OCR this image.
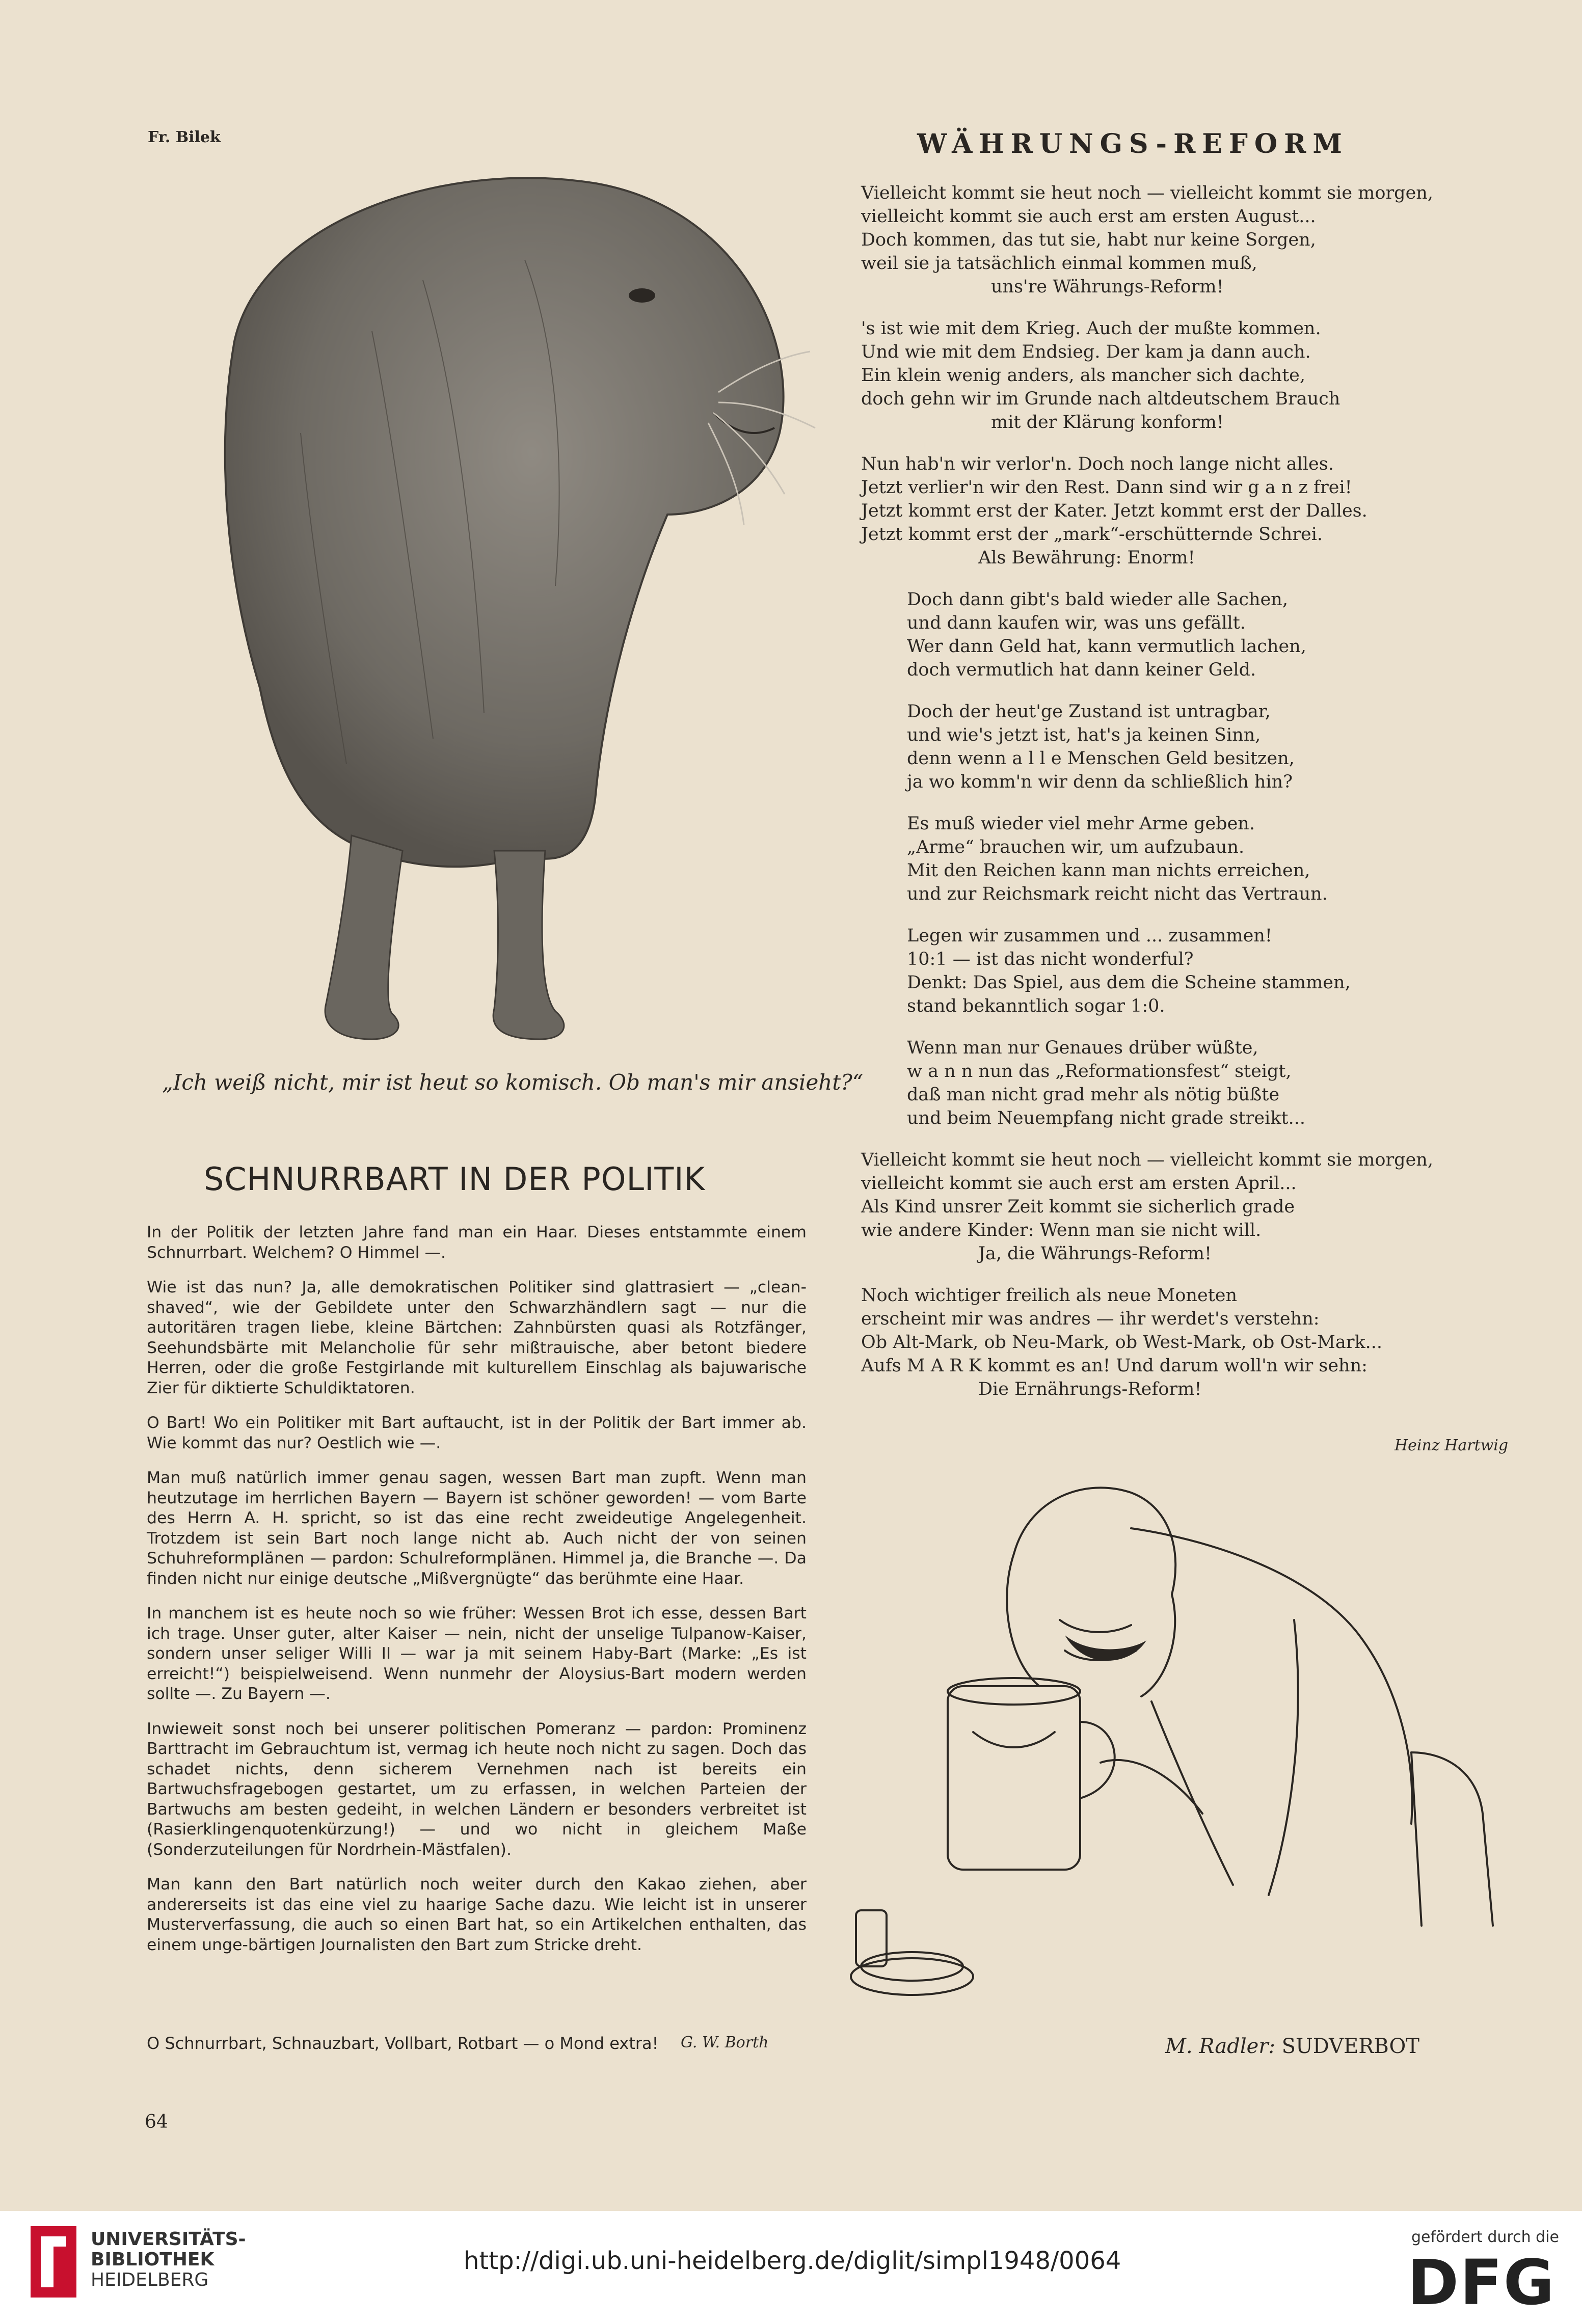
Fr. Bilek
„Ich weiß nicht, mir ist heut so komisch. Ob man's mir ansieht?“
SCHNURRBART IN DER POLITIK

In der Politik der letzten Jahre fand man ein Haar. Dieses entstammte einem Schnurrbart. Welchem? O Himmel —.

Wie ist das nun? Ja, alle demokratischen Politiker sind glattrasiert — „clean-shaved“, wie der Gebildete unter den Schwarzhändlern sagt — nur die autoritären tragen liebe, kleine Bärtchen: Zahnbürsten quasi als Rotzfänger, Seehundsbärte mit Melancholie für sehr mißtrauische, aber betont biedere Herren, oder die große Festgirlande mit kulturellem Einschlag als bajuwarische Zier für diktierte Schuldiktatoren.

O Bart! Wo ein Politiker mit Bart auftaucht, ist in der Politik der Bart immer ab. Wie kommt das nur? Oestlich wie —.

Man muß natürlich immer genau sagen, wessen Bart man zupft. Wenn man heutzutage im herrlichen Bayern — Bayern ist schöner geworden! — vom Barte des Herrn A. H. spricht, so ist das eine recht zweideutige Angelegenheit. Trotzdem ist sein Bart noch lange nicht ab. Auch nicht der von seinen Schuhreformplänen — pardon: Schulreformplänen. Himmel ja, die Branche —. Da finden nicht nur einige deutsche „Mißvergnügte“ das berühmte eine Haar.

In manchem ist es heute noch so wie früher: Wessen Brot ich esse, dessen Bart ich trage. Unser guter, alter Kaiser — nein, nicht der unselige Tulpanow-Kaiser, sondern unser seliger Willi II — war ja mit seinem Haby-Bart (Marke: „Es ist erreicht!“) beispielweisend. Wenn nunmehr der Aloysius-Bart modern werden sollte —. Zu Bayern —.

Inwieweit sonst noch bei unserer politischen Pomeranz — pardon: Prominenz Barttracht im Gebrauchtum ist, vermag ich heute noch nicht zu sagen. Doch das schadet nichts, denn sicherem Vernehmen nach ist bereits ein Bartwuchsfragebogen gestartet, um zu erfassen, in welchen Parteien der Bartwuchs am besten gedeiht, in welchen Ländern er besonders verbreitet ist (Rasierklingenquotenkürzung!) — und wo nicht in gleichem Maße (Sonderzuteilungen für Nordrhein-Mästfalen).

Man kann den Bart natürlich noch weiter durch den Kakao ziehen, aber andererseits ist das eine viel zu haarige Sache dazu. Wie leicht ist in unserer Musterverfassung, die auch so einen Bart hat, so ein Artikelchen enthalten, das einem unge-bärtigen Journalisten den Bart zum Stricke dreht.

O Schnurrbart, Schnauzbart, Vollbart, Rotbart — o Mond extra! G. W. Borth
WÄHRUNGS-REFORM
Vielleicht kommt sie heut noch — vielleicht kommt sie morgen,
vielleicht kommt sie auch erst am ersten August...
Doch kommen, das tut sie, habt nur keine Sorgen,
weil sie ja tatsächlich einmal kommen muß,
uns're Währungs-Reform!
's ist wie mit dem Krieg. Auch der mußte kommen.
Und wie mit dem Endsieg. Der kam ja dann auch.
Ein klein wenig anders, als mancher sich dachte,
doch gehn wir im Grunde nach altdeutschem Brauch
mit der Klärung konform!
Nun hab'n wir verlor'n. Doch noch lange nicht alles.
Jetzt verlier'n wir den Rest. Dann sind wir g a n z frei!
Jetzt kommt erst der Kater. Jetzt kommt erst der Dalles.
Jetzt kommt erst der „mark“-erschütternde Schrei.
Als Bewährung: Enorm!
Doch dann gibt's bald wieder alle Sachen,
und dann kaufen wir, was uns gefällt.
Wer dann Geld hat, kann vermutlich lachen,
doch vermutlich hat dann keiner Geld.
Doch der heut'ge Zustand ist untragbar,
und wie's jetzt ist, hat's ja keinen Sinn,
denn wenn a l l e Menschen Geld besitzen,
ja wo komm'n wir denn da schließlich hin?
Es muß wieder viel mehr Arme geben.
„Arme“ brauchen wir, um aufzubaun.
Mit den Reichen kann man nichts erreichen,
und zur Reichsmark reicht nicht das Vertraun.
Legen wir zusammen und ... zusammen!
10:1 — ist das nicht wonderful?
Denkt: Das Spiel, aus dem die Scheine stammen,
stand bekanntlich sogar 1:0.
Wenn man nur Genaues drüber wüßte,
w a n n nun das „Reformationsfest“ steigt,
daß man nicht grad mehr als nötig büßte
und beim Neuempfang nicht grade streikt...
Vielleicht kommt sie heut noch — vielleicht kommt sie morgen,
vielleicht kommt sie auch erst am ersten April...
Als Kind unsrer Zeit kommt sie sicherlich grade
wie andere Kinder: Wenn man sie nicht will.
Ja, die Währungs-Reform!
Noch wichtiger freilich als neue Moneten
erscheint mir was andres — ihr werdet's verstehn:
Ob Alt-Mark, ob Neu-Mark, ob West-Mark, ob Ost-Mark...
Aufs M A R K kommt es an! Und darum woll'n wir sehn:
Die Ernährungs-Reform!
Heinz Hartwig
M. Radler: SUDVERBOT
64
UNIVERSITÄTS-
BIBLIOTHEK
HEIDELBERG
http://digi.ub.uni-heidelberg.de/diglit/simpl1948/0064
gefördert durch die
DFG
